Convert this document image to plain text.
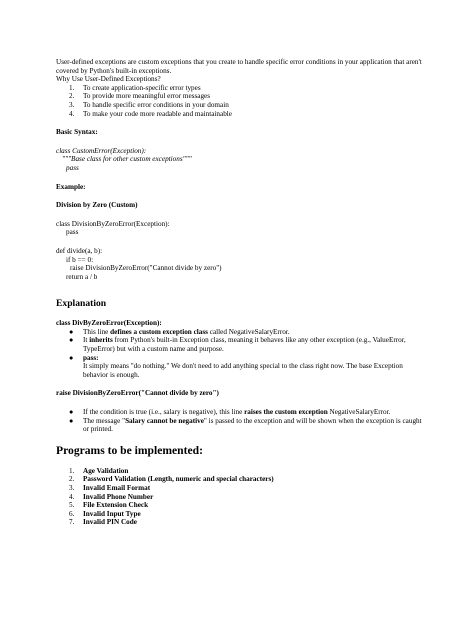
User-defined exceptions are custom exceptions that you create to handle specific error conditions in your application that aren't covered by Python's built-in exceptions.

Why Use User-Defined Exceptions?

1. To create application-specific error types
2. To provide more meaningful error messages
3. To handle specific error conditions in your domain
4. To make your code more readable and maintainable

Basic Syntax:

class CustomError(Exception):

"""Base class for other custom exceptions"""

pass

Example:

Division by Zero (Custom)

class DivisionByZeroError(Exception):

pass

def divide(a, b):

if b == 0:

raise DivisionByZeroError("Cannot divide by zero")

return a / b

Explanation

class DivByZeroError(Exception):

● This line defines a custom exception class called NegativeSalaryError.
● It inherits from Python's built-in Exception class, meaning it behaves like any other exception (e.g., ValueError, TypeError) but with a custom name and purpose.
● pass:
It simply means "do nothing." We don't need to add anything special to the class right now. The base Exception behavior is enough.

raise DivisionByZeroError("Cannot divide by zero")

● If the condition is true (i.e., salary is negative), this line raises the custom exception NegativeSalaryError.
● The message "Salary cannot be negative" is passed to the exception and will be shown when the exception is caught or printed.
Programs to be implemented:
1. Age Validation
2. Password Validation (Length, numeric and special characters)
3. Invalid Email Format
4. Invalid Phone Number
5. File Extension Check
6. Invalid Input Type
7. Invalid PIN Code
